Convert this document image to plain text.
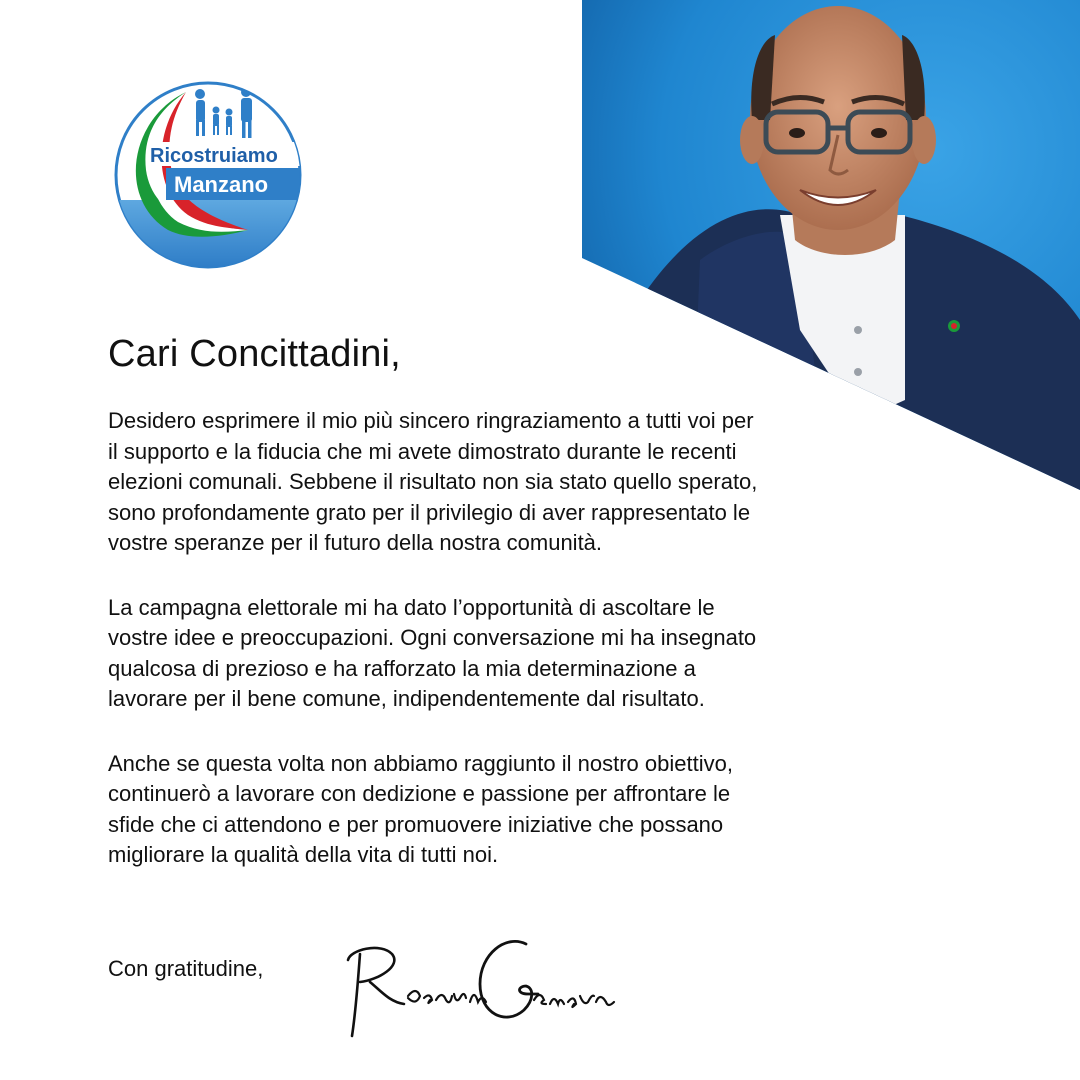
Ricostruiamo
Manzano
Cari Concittadini,
Desidero esprimere il mio più sincero ringraziamento a tutti voi per
il supporto e la fiducia che mi avete dimostrato durante le recenti
elezioni comunali. Sebbene il risultato non sia stato quello sperato,
sono profondamente grato per il privilegio di aver rappresentato le
vostre speranze per il futuro della nostra comunità.
La campagna elettorale mi ha dato l’opportunità di ascoltare le
vostre idee e preoccupazioni. Ogni conversazione mi ha insegnato
qualcosa di prezioso e ha rafforzato la mia determinazione a
lavorare per il bene comune, indipendentemente dal risultato.
Anche se questa volta non abbiamo raggiunto il nostro obiettivo,
continuerò a lavorare con dedizione e passione per affrontare le
sfide che ci attendono e per promuovere iniziative che possano
migliorare la qualità della vita di tutti noi.
Con gratitudine,
